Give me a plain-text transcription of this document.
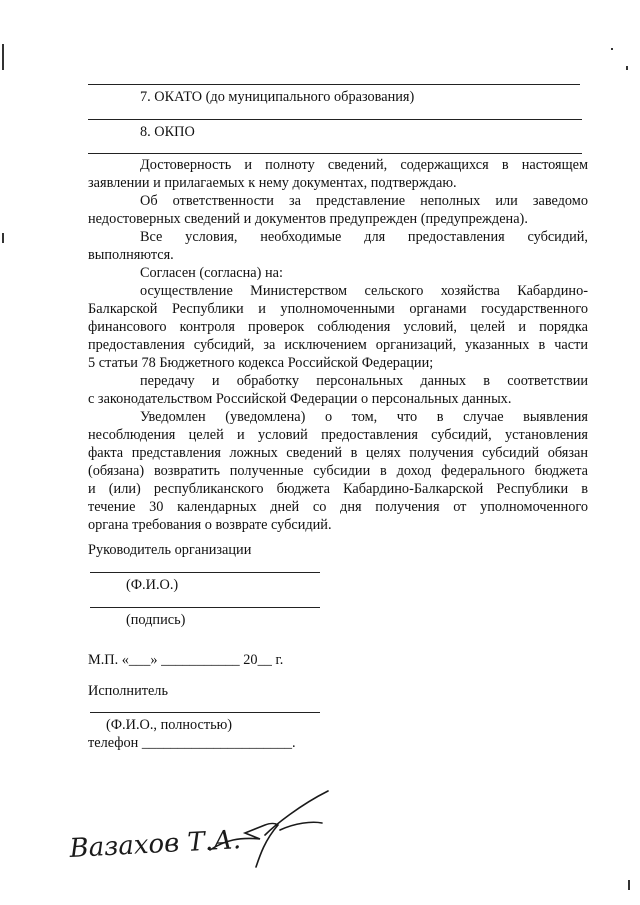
7. ОКАТО (до муниципального образования)
8. ОКПО
Достоверность и полноту сведений, содержащихся в настоящем
заявлении и прилагаемых к нему документах, подтверждаю.
Об ответственности за представление неполных или заведомо
недостоверных сведений и документов предупрежден (предупреждена).
Все условия, необходимые для предоставления субсидий,
выполняются.
Согласен (согласна) на:
осуществление Министерством сельского хозяйства Кабардино-
Балкарской Республики и уполномоченными органами государственного
финансового контроля проверок соблюдения условий, целей и порядка
предоставления субсидий, за исключением организаций, указанных в части
5 статьи 78 Бюджетного кодекса Российской Федерации;
передачу и обработку персональных данных в соответствии
с законодательством Российской Федерации о персональных данных.
Уведомлен (уведомлена) о том, что в случае выявления
несоблюдения целей и условий предоставления субсидий, установления
факта представления ложных сведений в целях получения субсидий обязан
(обязана) возвратить полученные субсидии в доход федерального бюджета
и (или) республиканского бюджета Кабардино-Балкарской Республики в
течение 30 календарных дней со дня получения от уполномоченного
органа требования о возврате субсидий.
Руководитель организации
(Ф.И.О.)
(подпись)
М.П. «___» ___________ 20__ г.
Исполнитель
(Ф.И.О., полностью)
телефон _____________________.
Вазахов Т.А.
